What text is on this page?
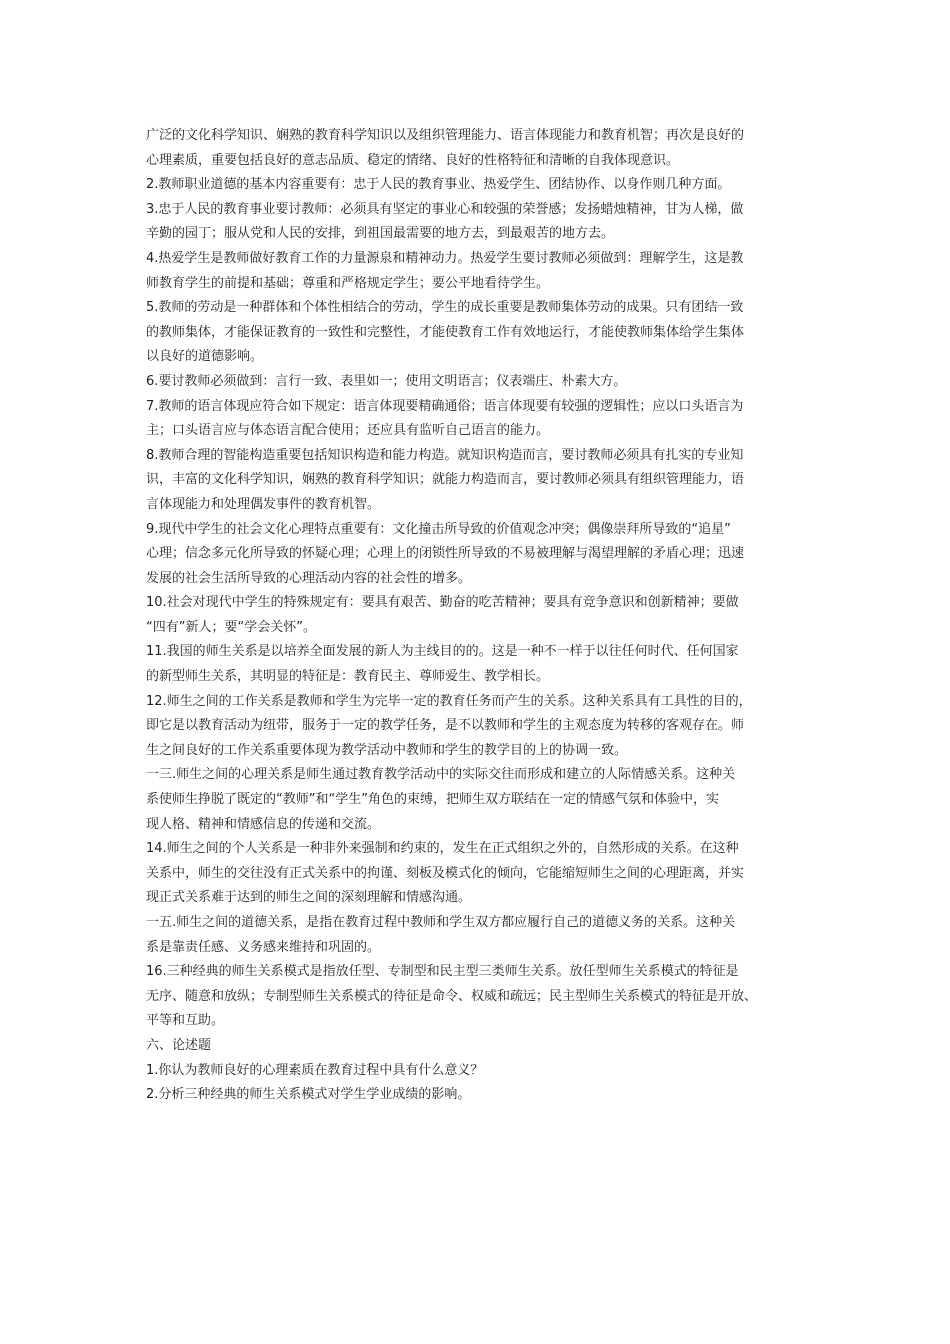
广泛的文化科学知识、娴熟的教育科学知识以及组织管理能力、语言体现能力和教育机智；再次是良好的
心理素质，重要包括良好的意志品质、稳定的情绪、良好的性格特征和清晰的自我体现意识。
2.教师职业道德的基本内容重要有：忠于人民的教育事业、热爱学生、团结协作、以身作则几种方面。
3.忠于人民的教育事业要讨教师：必须具有坚定的事业心和较强的荣誉感；发扬蜡烛精神，甘为人梯，做
辛勤的园丁；服从党和人民的安排，到祖国最需要的地方去，到最艰苦的地方去。
4.热爱学生是教师做好教育工作的力量源泉和精神动力。热爱学生要讨教师必须做到：理解学生，这是教
师教育学生的前提和基础；尊重和严格规定学生；要公平地看待学生。
5.教师的劳动是一种群体和个体性相结合的劳动，学生的成长重要是教师集体劳动的成果。只有团结一致
的教师集体，才能保证教育的一致性和完整性，才能使教育工作有效地运行，才能使教师集体给学生集体
以良好的道德影响。
6.要讨教师必须做到：言行一致、表里如一；使用文明语言；仪表端庄、朴素大方。
7.教师的语言体现应符合如下规定：语言体现要精确通俗；语言体现要有较强的逻辑性；应以口头语言为
主；口头语言应与体态语言配合使用；还应具有监听自己语言的能力。
8.教师合理的智能构造重要包括知识构造和能力构造。就知识构造而言，要讨教师必须具有扎实的专业知
识，丰富的文化科学知识，娴熟的教育科学知识；就能力构造而言，要讨教师必须具有组织管理能力，语
言体现能力和处理偶发事件的教育机智。
9.现代中学生的社会文化心理特点重要有：文化撞击所导致的价值观念冲突；偶像崇拜所导致的“追星”
心理；信念多元化所导致的怀疑心理；心理上的闭锁性所导致的不易被理解与渴望理解的矛盾心理；迅速
发展的社会生活所导致的心理活动内容的社会性的增多。
10.社会对现代中学生的特殊规定有：要具有艰苦、勤奋的吃苦精神；要具有竞争意识和创新精神；要做
“四有”新人；要“学会关怀”。
11.我国的师生关系是以培养全面发展的新人为主线目的的。这是一种不一样于以往任何时代、任何国家
的新型师生关系，其明显的特征是：教育民主、尊师爱生、教学相长。
12.师生之间的工作关系是教师和学生为完毕一定的教育任务而产生的关系。这种关系具有工具性的目的，
即它是以教育活动为纽带，服务于一定的教学任务，是不以教师和学生的主观态度为转移的客观存在。师
生之间良好的工作关系重要体现为教学活动中教师和学生的教学目的上的协调一致。
一三.师生之间的心理关系是师生通过教育教学活动中的实际交往而形成和建立的人际情感关系。这种关
系使师生挣脱了既定的“教师”和“学生”角色的束缚，把师生双方联结在一定的情感气氛和体验中，实
现人格、精神和情感信息的传递和交流。
14.师生之间的个人关系是一种非外来强制和约束的，发生在正式组织之外的，自然形成的关系。在这种
关系中，师生的交往没有正式关系中的拘谨、刻板及模式化的倾向，它能缩短师生之间的心理距离，并实
现正式关系难于达到的师生之间的深刻理解和情感沟通。
一五.师生之间的道德关系，是指在教育过程中教师和学生双方都应履行自己的道德义务的关系。这种关
系是靠责任感、义务感来维持和巩固的。
16.三种经典的师生关系模式是指放任型、专制型和民主型三类师生关系。放任型师生关系模式的特征是
无序、随意和放纵；专制型师生关系模式的待征是命令、权威和疏远；民主型师生关系模式的特征是开放、
平等和互助。
六、论述题
1.你认为教师良好的心理素质在教育过程中具有什么意义？
2.分析三种经典的师生关系模式对学生学业成绩的影响。
